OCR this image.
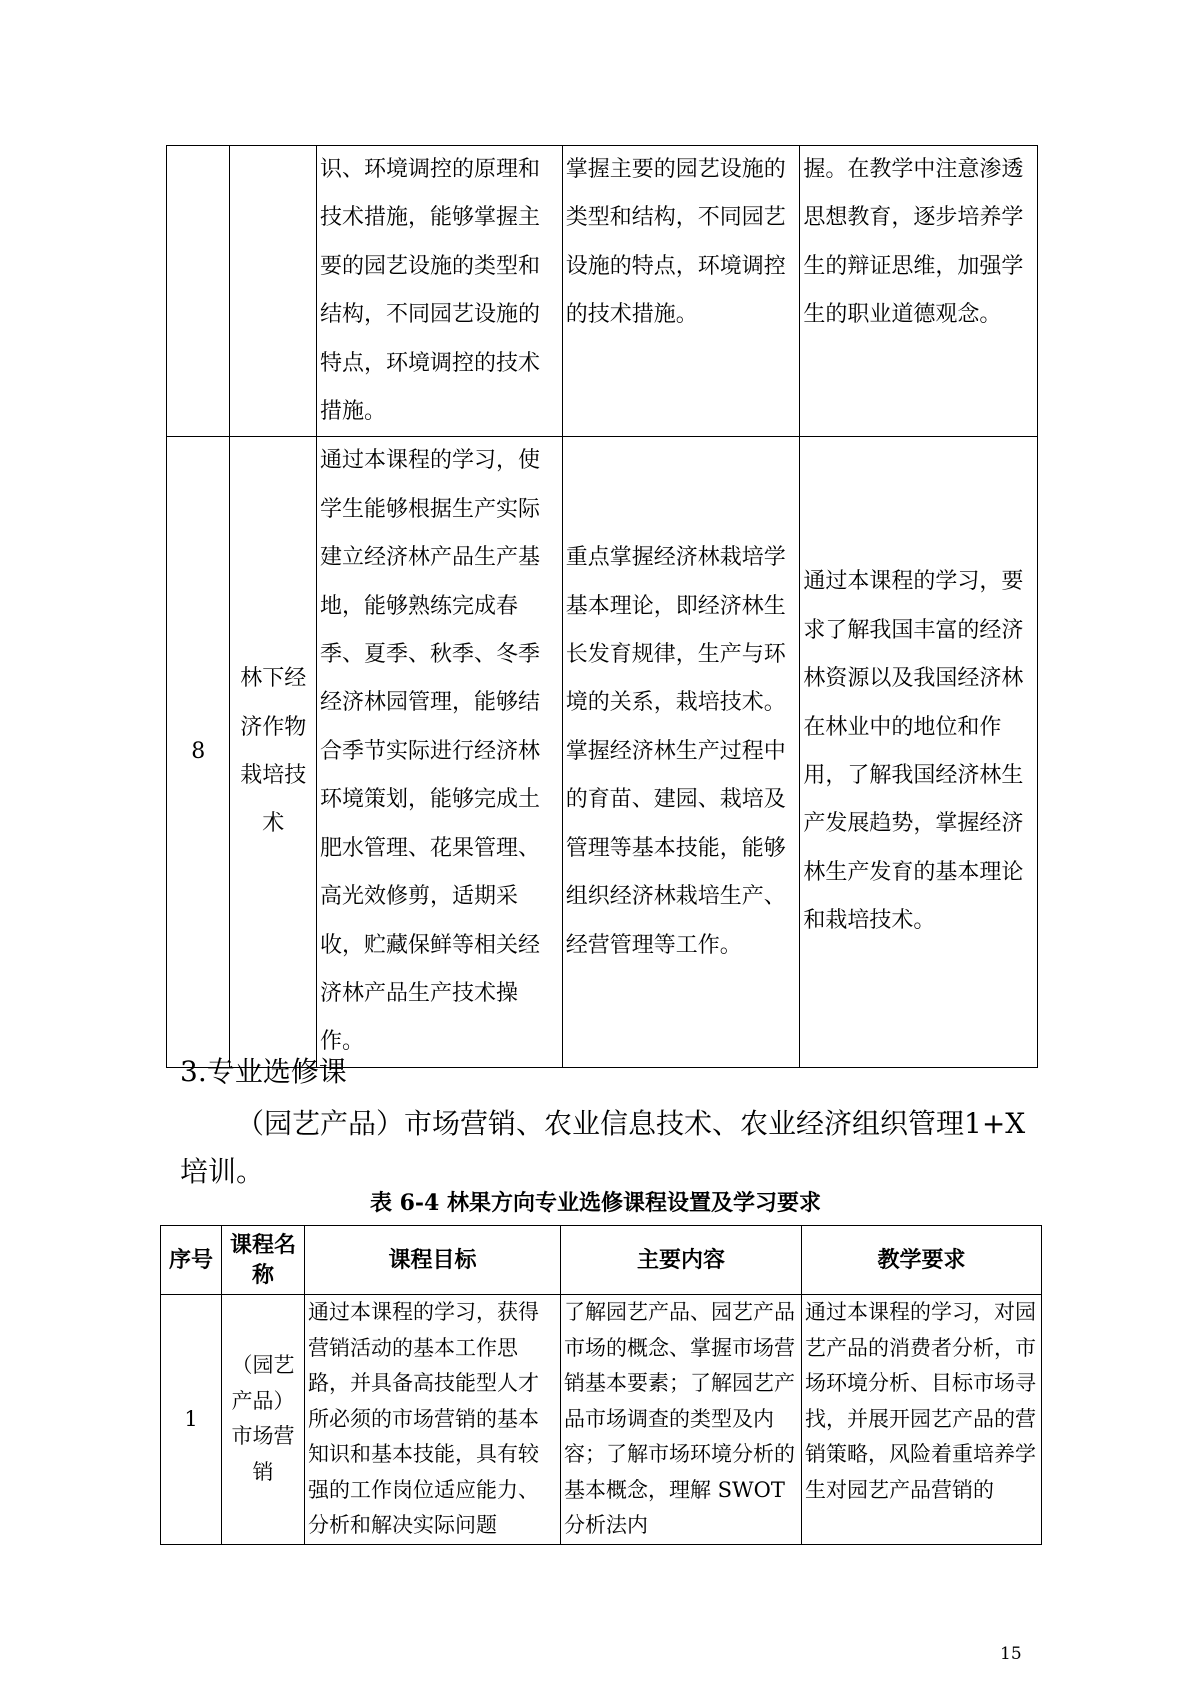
		识、环境调控的原理和技术措施，能够掌握主要的园艺设施的类型和结构，不同园艺设施的特点，环境调控的技术措施。	掌握主要的园艺设施的类型和结构，不同园艺设施的特点，环境调控的技术措施。	握。在教学中注意渗透思想教育，逐步培养学生的辩证思维，加强学生的职业道德观念。
8	林下经济作物栽培技术	通过本课程的学习，使学生能够根据生产实际建立经济林产品生产基地，能够熟练完成春季、夏季、秋季、冬季经济林园管理，能够结合季节实际进行经济林环境策划，能够完成土肥水管理、花果管理、高光效修剪，适期采收，贮藏保鲜等相关经济林产品生产技术操作。	重点掌握经济林栽培学基本理论，即经济林生长发育规律，生产与环境的关系，栽培技术。掌握经济林生产过程中的育苗、建园、栽培及管理等基本技能，能够组织经济林栽培生产、经营管理等工作。	通过本课程的学习，要求了解我国丰富的经济林资源以及我国经济林在林业中的地位和作用，了解我国经济林生产发展趋势，掌握经济林生产发育的基本理论和栽培技术。
3.专业选修课
（园艺产品）市场营销、农业信息技术、农业经济组织管理1+X 培训。
表 6-4 林果方向专业选修课程设置及学习要求
序号	课程名称	课程目标	主要内容	教学要求
1	（园艺产品）市场营销	通过本课程的学习，获得营销活动的基本工作思路，并具备高技能型人才所必须的市场营销的基本知识和基本技能，具有较强的工作岗位适应能力、分析和解决实际问题	了解园艺产品、园艺产品市场的概念、掌握市场营销基本要素；了解园艺产品市场调查的类型及内容；了解市场环境分析的基本概念，理解 SWOT 分析法内	通过本课程的学习，对园艺产品的消费者分析，市场环境分析、目标市场寻找，并展开园艺产品的营销策略，风险着重培养学生对园艺产品营销的
15
